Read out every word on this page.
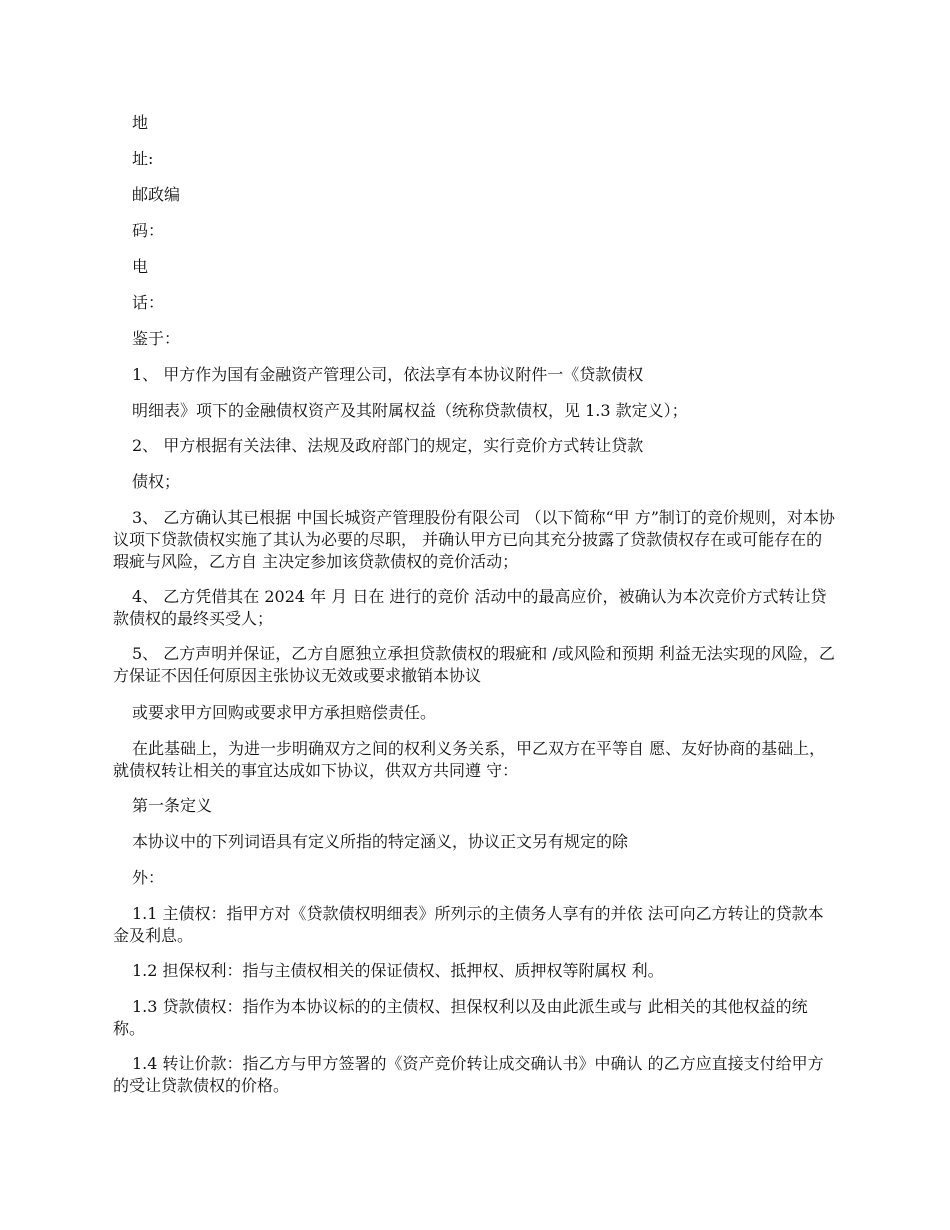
地

址:

邮政编

码：

电

话：

鉴于：

1、 甲方作为国有金融资产管理公司，依法享有本协议附件一《贷款债权

明细表》项下的金融债权资产及其附属权益（统称贷款债权，见 1.3 款定义）；

2、 甲方根据有关法律、法规及政府部门的规定，实行竞价方式转让贷款

债权；

3、 乙方确认其已根据 中国长城资产管理股份有限公司 （以下简称“甲 方”制订的竞价规则，对本协议项下贷款债权实施了其认为必要的尽职， 并确认甲方已向其充分披露了贷款债权存在或可能存在的瑕疵与风险，乙方自 主决定参加该贷款债权的竞价活动；

4、 乙方凭借其在 2024 年 月 日在 进行的竞价 活动中的最高应价，被确认为本次竞价方式转让贷款债权的最终买受人；

5、 乙方声明并保证，乙方自愿独立承担贷款债权的瑕疵和 /或风险和预期 利益无法实现的风险，乙方保证不因任何原因主张协议无效或要求撤销本协议

或要求甲方回购或要求甲方承担赔偿责任。

在此基础上，为进一步明确双方之间的权利义务关系，甲乙双方在平等自 愿、友好协商的基础上，就债权转让相关的事宜达成如下协议，供双方共同遵 守：

第一条定义

本协议中的下列词语具有定义所指的特定涵义，协议正文另有规定的除

外：

1.1 主债权：指甲方对《贷款债权明细表》所列示的主债务人享有的并依 法可向乙方转让的贷款本金及利息。

1.2 担保权利：指与主债权相关的保证债权、抵押权、质押权等附属权 利。

1.3 贷款债权：指作为本协议标的的主债权、担保权利以及由此派生或与 此相关的其他权益的统称。

1.4 转让价款：指乙方与甲方签署的《资产竞价转让成交确认书》中确认 的乙方应直接支付给甲方的受让贷款债权的价格。
